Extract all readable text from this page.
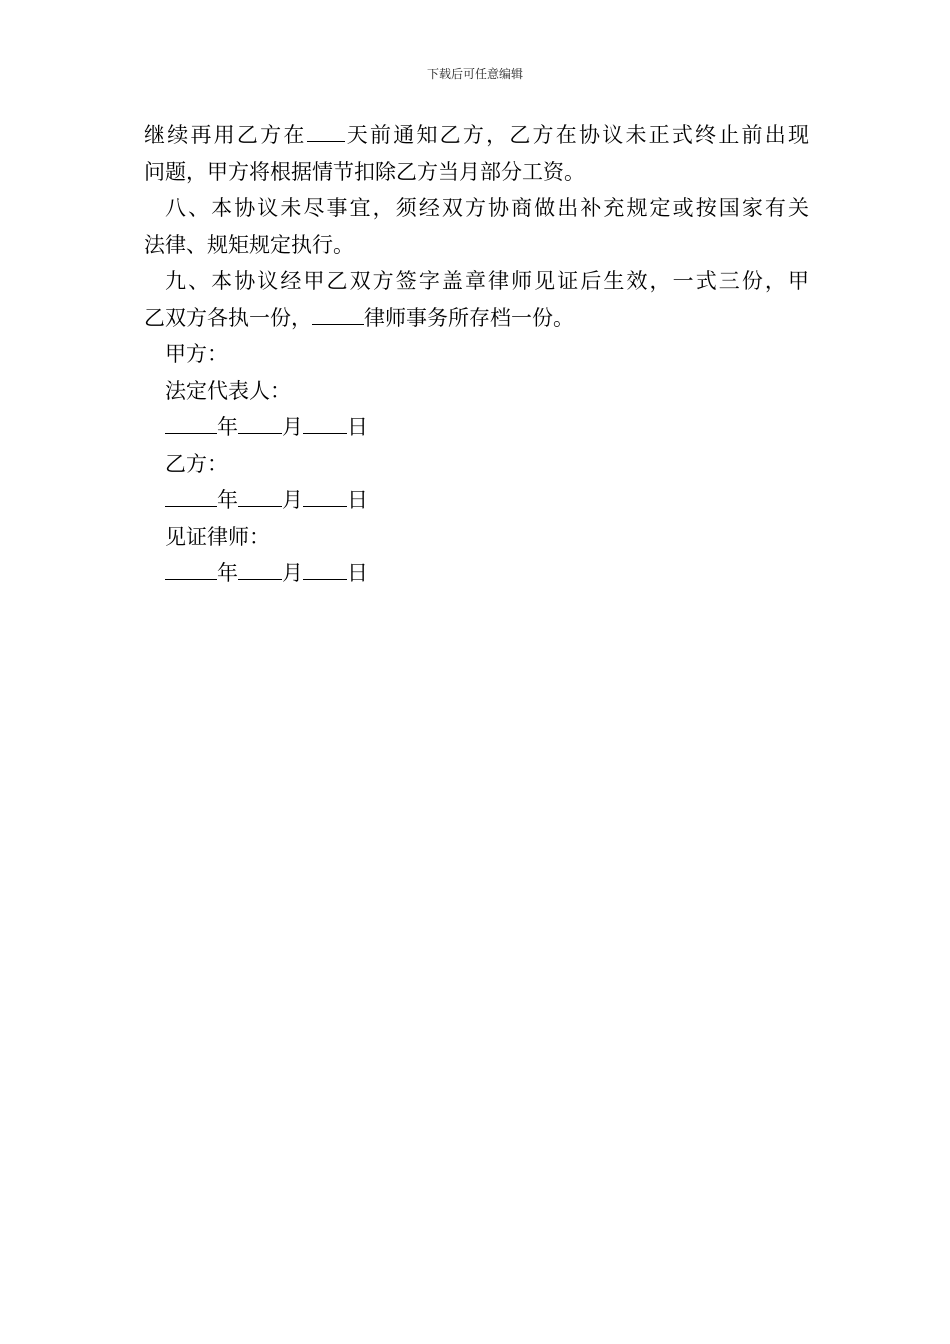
下载后可任意编辑
继续再用乙方在 天前通知乙方，乙方在协议未正式终止前出现
问题，甲方将根据情节扣除乙方当月部分工资。
八、本协议未尽事宜，须经双方协商做出补充规定或按国家有关
法律、规矩规定执行。
九、本协议经甲乙双方签字盖章律师见证后生效，一式三份，甲
乙双方各执一份， 律师事务所存档一份。
甲方：
法定代表人：
年 月 日
乙方：
年 月 日
见证律师：
年 月 日
